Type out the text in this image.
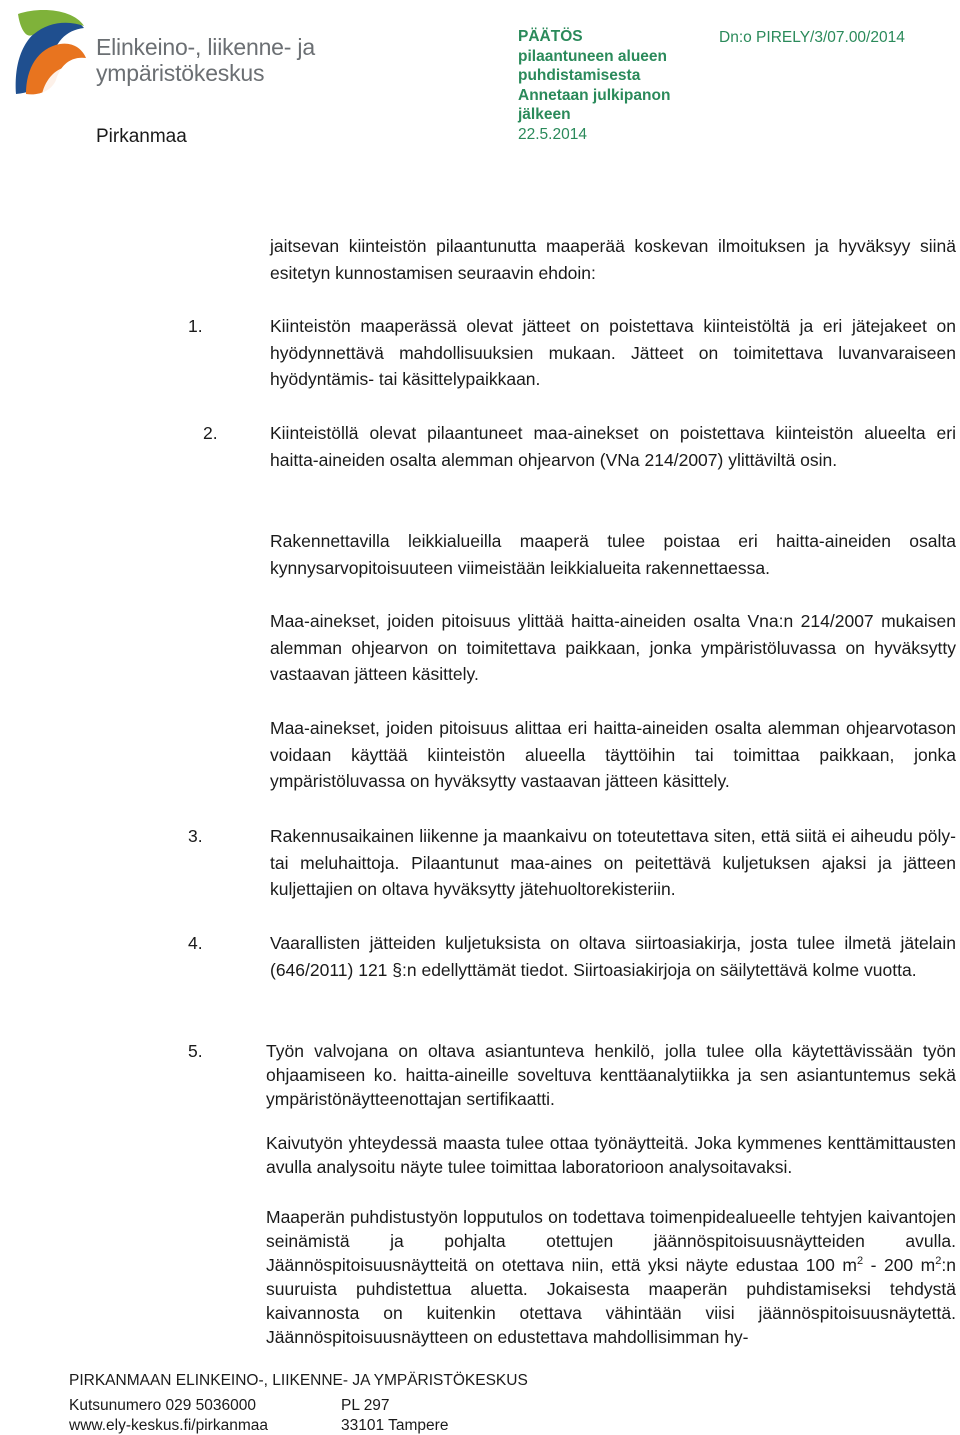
Elinkeino-, liikenne- ja
ympäristökeskus
Pirkanmaa
PÄÄTÖS
pilaantuneen alueen
puhdistamisesta
Annetaan julkipanon
jälkeen
22.5.2014
Dn:o PIRELY/3/07.00/2014
jaitsevan kiinteistön pilaantunutta maaperää koskevan ilmoituksen ja hyväksyy siinä esitetyn kunnostamisen seuraavin ehdoin:
1.	Kiinteistön maaperässä olevat jätteet on poistettava kiinteistöltä ja eri jätejakeet on hyödynnettävä mahdollisuuksien mukaan. Jätteet on toimitettava luvanvaraiseen hyödyntämis- tai käsittelypaikkaan.
2.	Kiinteistöllä olevat pilaantuneet maa-ainekset on poistettava kiinteistön alueelta eri haitta-aineiden osalta alemman ohjearvon (VNa 214/2007) ylittäviltä osin.
Rakennettavilla leikkialueilla maaperä tulee poistaa eri haitta-aineiden osalta kynnysarvopitoisuuteen viimeistään leikkialueita rakennettaessa.
Maa-ainekset, joiden pitoisuus ylittää haitta-aineiden osalta Vna:n 214/2007 mukaisen alemman ohjearvon on toimitettava paikkaan, jonka ympäristöluvassa on hyväksytty vastaavan jätteen käsittely.
Maa-ainekset, joiden pitoisuus alittaa eri haitta-aineiden osalta alemman ohjearvotason voidaan käyttää kiinteistön alueella täyttöihin tai toimittaa paikkaan, jonka ympäristöluvassa on hyväksytty vastaavan jätteen käsittely.
3.	Rakennusaikainen liikenne ja maankaivu on toteutettava siten, että siitä ei aiheudu pöly- tai meluhaittoja. Pilaantunut maa-aines on peitettävä kuljetuksen ajaksi ja jätteen kuljettajien on oltava hyväksytty jätehuoltorekisteriin.
4.	Vaarallisten jätteiden kuljetuksista on oltava siirtoasiakirja, josta tulee ilmetä jätelain (646/2011) 121 §:n edellyttämät tiedot. Siirtoasiakirjoja on säilytettävä kolme vuotta.
5.	Työn valvojana on oltava asiantunteva henkilö, jolla tulee olla käytettävissään työn ohjaamiseen ko. haitta-aineille soveltuva kenttäanalytiikka ja sen asiantuntemus sekä ympäristönäytteenottajan sertifikaatti.
Kaivutyön yhteydessä maasta tulee ottaa työnäytteitä. Joka kymmenes kenttämittausten avulla analysoitu näyte tulee toimittaa laboratorioon analysoitavaksi.
Maaperän puhdistustyön lopputulos on todettava toimenpidealueelle tehtyjen kaivantojen seinämistä ja pohjalta otettujen jäännöspitoisuusnäytteiden avulla. Jäännöspitoisuusnäytteitä on otettava niin, että yksi näyte edustaa 100 $m^2 - 200$ $m^2:n$ suuruista puhdistettua aluetta. Jokaisesta maaperän puhdistamiseksi tehdystä kaivannosta on kuitenkin otettava vähintään viisi jäännöspitoisuusnäytettä. Jäännöspitoisuusnäytteen on edustettava mahdollisimman hy-
PIRKANMAAN ELINKEINO-, LIIKENNE- JA YMPÄRISTÖKESKUS
Kutsunumero 029 5036000
www.ely-keskus.fi/pirkanmaa
PL 297
33101 Tampere
